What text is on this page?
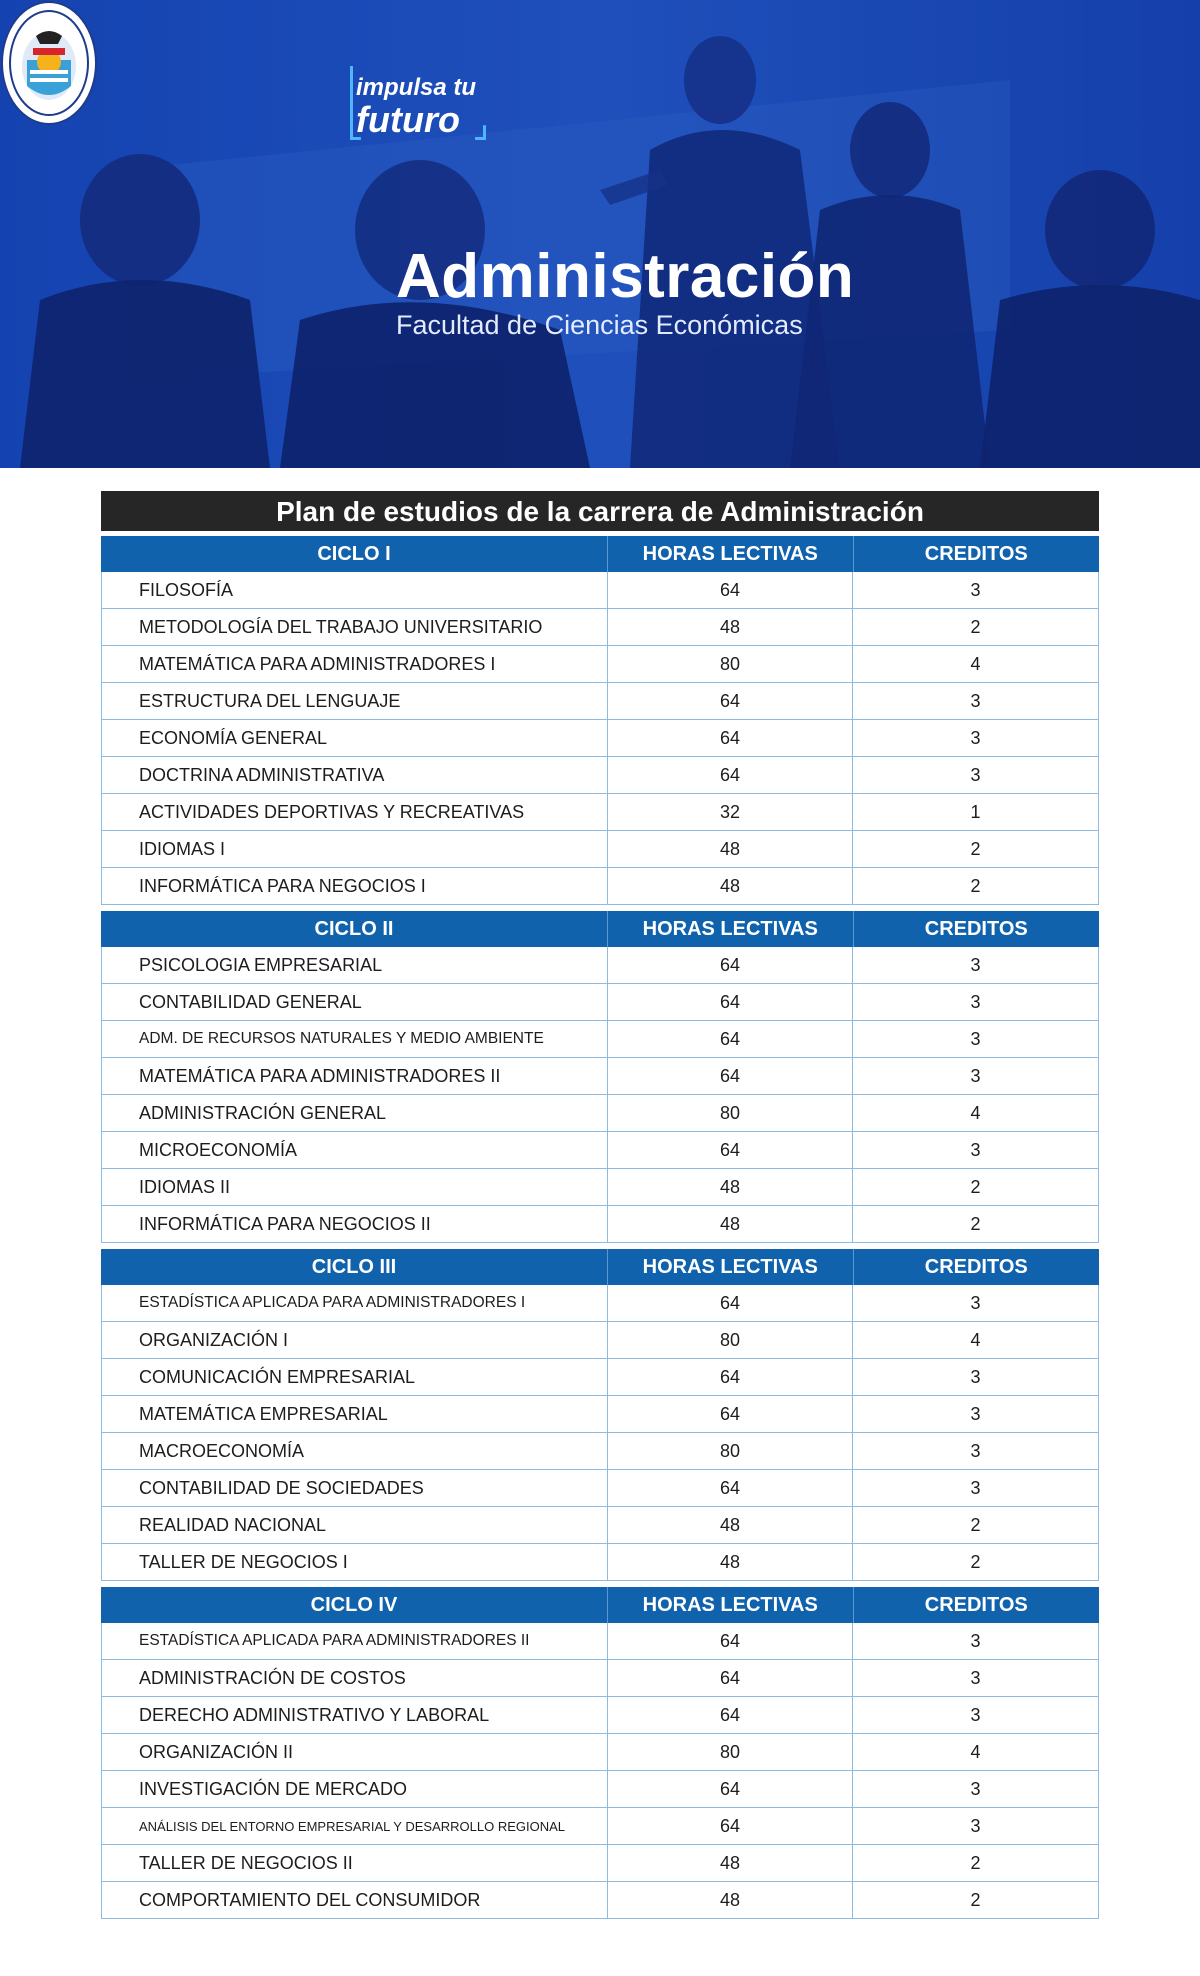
impulsa tu
futuro
Administración
Facultad de Ciencias Económicas
Plan de estudios de la carrera de Administración
CICLO I	HORAS LECTIVAS	CREDITOS
FILOSOFÍA	64	3
METODOLOGÍA DEL TRABAJO UNIVERSITARIO	48	2
MATEMÁTICA PARA ADMINISTRADORES I	80	4
ESTRUCTURA DEL LENGUAJE	64	3
ECONOMÍA GENERAL	64	3
DOCTRINA ADMINISTRATIVA	64	3
ACTIVIDADES DEPORTIVAS Y RECREATIVAS	32	1
IDIOMAS I	48	2
INFORMÁTICA PARA NEGOCIOS I	48	2
CICLO II	HORAS LECTIVAS	CREDITOS
PSICOLOGIA EMPRESARIAL	64	3
CONTABILIDAD GENERAL	64	3
ADM. DE RECURSOS NATURALES Y MEDIO AMBIENTE	64	3
MATEMÁTICA PARA ADMINISTRADORES II	64	3
ADMINISTRACIÓN GENERAL	80	4
MICROECONOMÍA	64	3
IDIOMAS II	48	2
INFORMÁTICA PARA NEGOCIOS II	48	2
CICLO III	HORAS LECTIVAS	CREDITOS
ESTADÍSTICA APLICADA PARA ADMINISTRADORES I	64	3
ORGANIZACIÓN I	80	4
COMUNICACIÓN EMPRESARIAL	64	3
MATEMÁTICA EMPRESARIAL	64	3
MACROECONOMÍA	80	3
CONTABILIDAD DE SOCIEDADES	64	3
REALIDAD NACIONAL	48	2
TALLER DE NEGOCIOS I	48	2
CICLO IV	HORAS LECTIVAS	CREDITOS
ESTADÍSTICA APLICADA PARA ADMINISTRADORES II	64	3
ADMINISTRACIÓN DE COSTOS	64	3
DERECHO ADMINISTRATIVO Y LABORAL	64	3
ORGANIZACIÓN II	80	4
INVESTIGACIÓN DE MERCADO	64	3
ANÁLISIS DEL ENTORNO EMPRESARIAL Y DESARROLLO REGIONAL	64	3
TALLER DE NEGOCIOS II	48	2
COMPORTAMIENTO DEL CONSUMIDOR	48	2
